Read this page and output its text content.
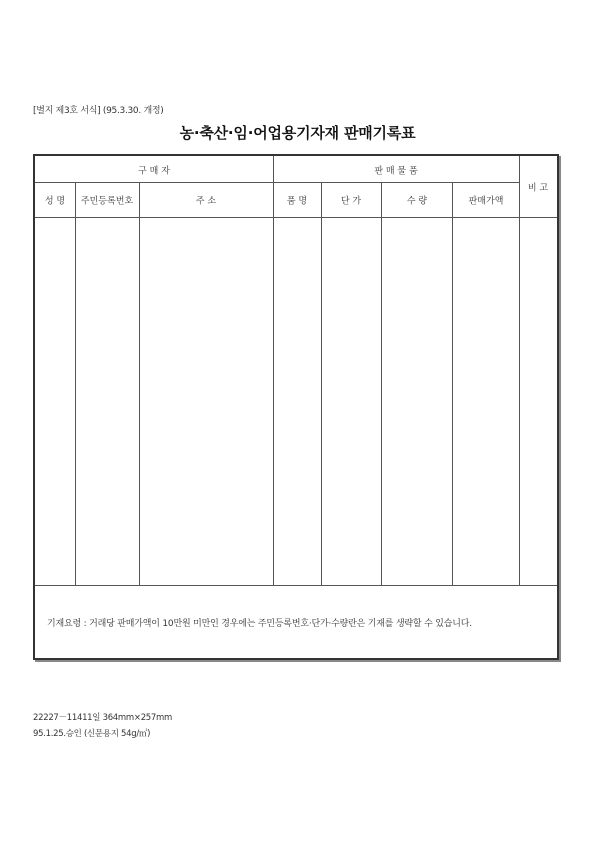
[별지 제3호 서식] (95.3.30. 개정)
농·축산·임·어업용기자재 판매기록표
구 매 자	판 매 물 품
비 고
성 명 주민등록번호	주 소	품 명	단 가	수 량	판매가액
기재요령 : 거래당 판매가액이 10만원 미만인 경우에는 주민등록번호·단가·수량란은 기재를 생략할 수 있습니다.
22227－11411일 364mm×257mm
95.1.25.승인 (신문용지 54g/㎡)
